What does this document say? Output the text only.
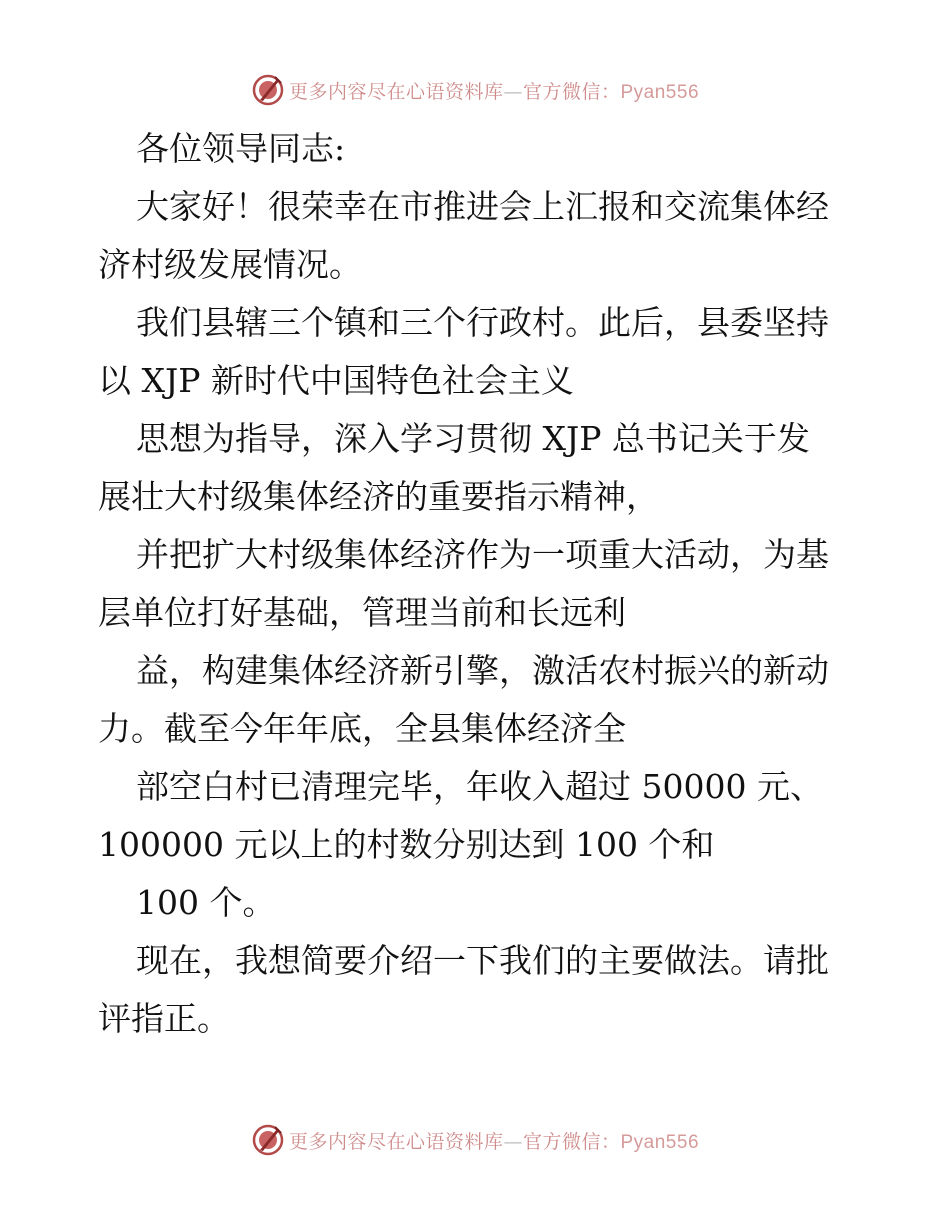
更多内容尽在心语资料库—官方微信：Pyan556
各位领导同志:
大家好！很荣幸在市推进会上汇报和交流集体经
济村级发展情况。
我们县辖三个镇和三个行政村。此后，县委坚持
以 XJP 新时代中国特色社会主义
思想为指导，深入学习贯彻 XJP 总书记关于发
展壮大村级集体经济的重要指示精神，
并把扩大村级集体经济作为一项重大活动，为基
层单位打好基础，管理当前和长远利
益，构建集体经济新引擎，激活农村振兴的新动
力。截至今年年底，全县集体经济全
部空白村已清理完毕，年收入超过 50000 元、
100000 元以上的村数分别达到 100 个和
100 个。
现在，我想简要介绍一下我们的主要做法。请批
评指正。
更多内容尽在心语资料库—官方微信：Pyan556
